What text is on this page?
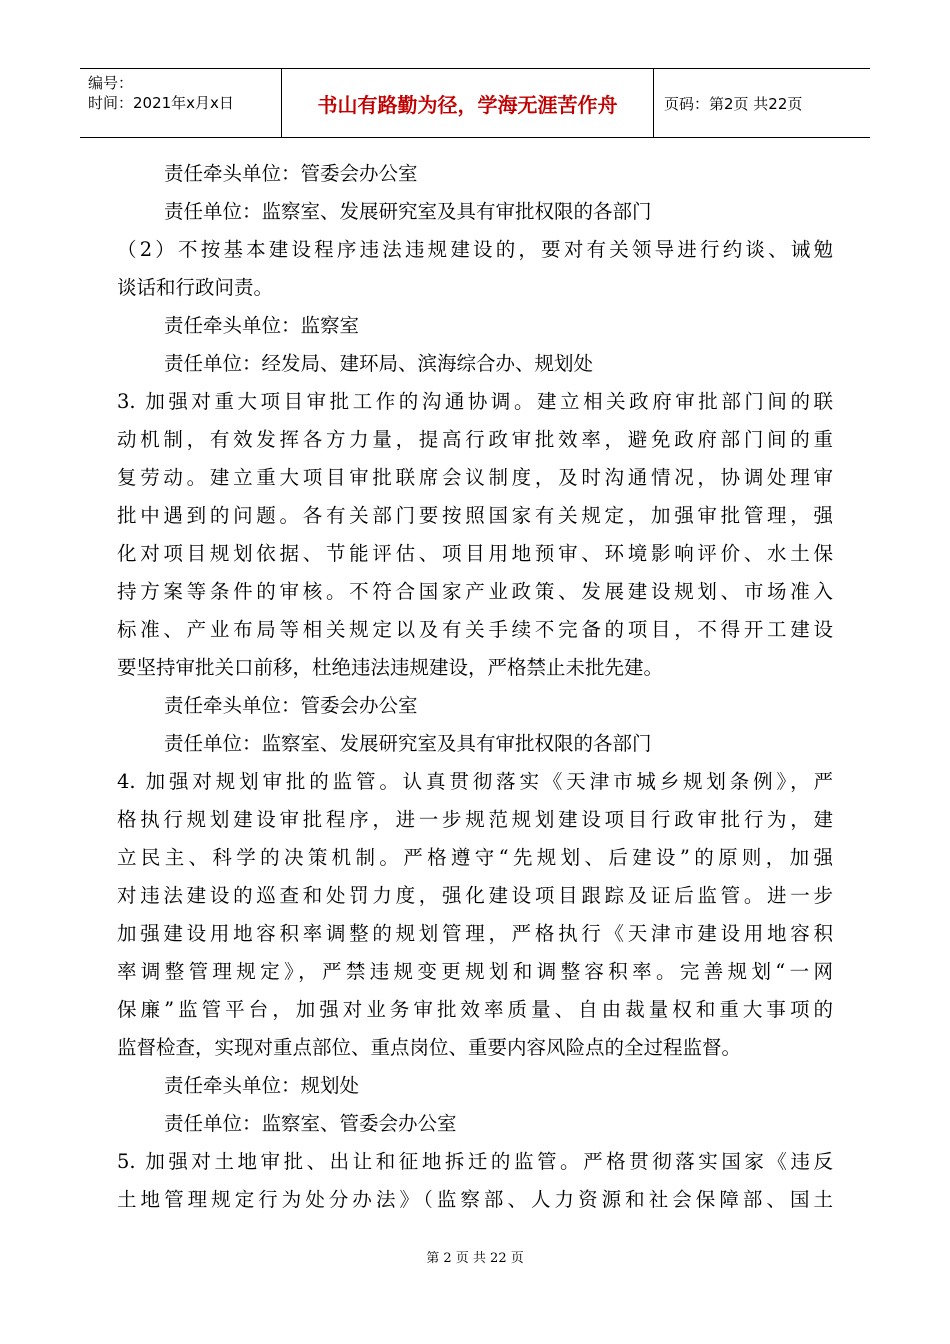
编号：
时间：2021年x月x日	书山有路勤为径，学海无涯苦作舟	页码：第2页 共22页
责任牵头单位：管委会办公室
责任单位：监察室、发展研究室及具有审批权限的各部门
（2）不按基本建设程序违法违规建设的，要对有关领导进行约谈、诫勉
谈话和行政问责。
责任牵头单位：监察室
责任单位：经发局、建环局、滨海综合办、规划处
3. 加强对重大项目审批工作的沟通协调。建立相关政府审批部门间的联
动机制，有效发挥各方力量，提高行政审批效率，避免政府部门间的重
复劳动。建立重大项目审批联席会议制度，及时沟通情况，协调处理审
批中遇到的问题。各有关部门要按照国家有关规定，加强审批管理，强
化对项目规划依据、节能评估、项目用地预审、环境影响评价、水土保
持方案等条件的审核。不符合国家产业政策、发展建设规划、市场准入
标准、产业布局等相关规定以及有关手续不完备的项目，不得开工建设
要坚持审批关口前移，杜绝违法违规建设，严格禁止未批先建。
责任牵头单位：管委会办公室
责任单位：监察室、发展研究室及具有审批权限的各部门
4. 加强对规划审批的监管。认真贯彻落实《天津市城乡规划条例》，严
格执行规划建设审批程序，进一步规范规划建设项目行政审批行为，建
立民主、科学的决策机制。严格遵守“先规划、后建设”的原则，加强
对违法建设的巡查和处罚力度，强化建设项目跟踪及证后监管。进一步
加强建设用地容积率调整的规划管理，严格执行《天津市建设用地容积
率调整管理规定》，严禁违规变更规划和调整容积率。完善规划“一网
保廉”监管平台，加强对业务审批效率质量、自由裁量权和重大事项的
监督检查，实现对重点部位、重点岗位、重要内容风险点的全过程监督。
责任牵头单位：规划处
责任单位：监察室、管委会办公室
5. 加强对土地审批、出让和征地拆迁的监管。严格贯彻落实国家《违反
土地管理规定行为处分办法》（监察部、人力资源和社会保障部、国土
第 2 页 共 22 页
